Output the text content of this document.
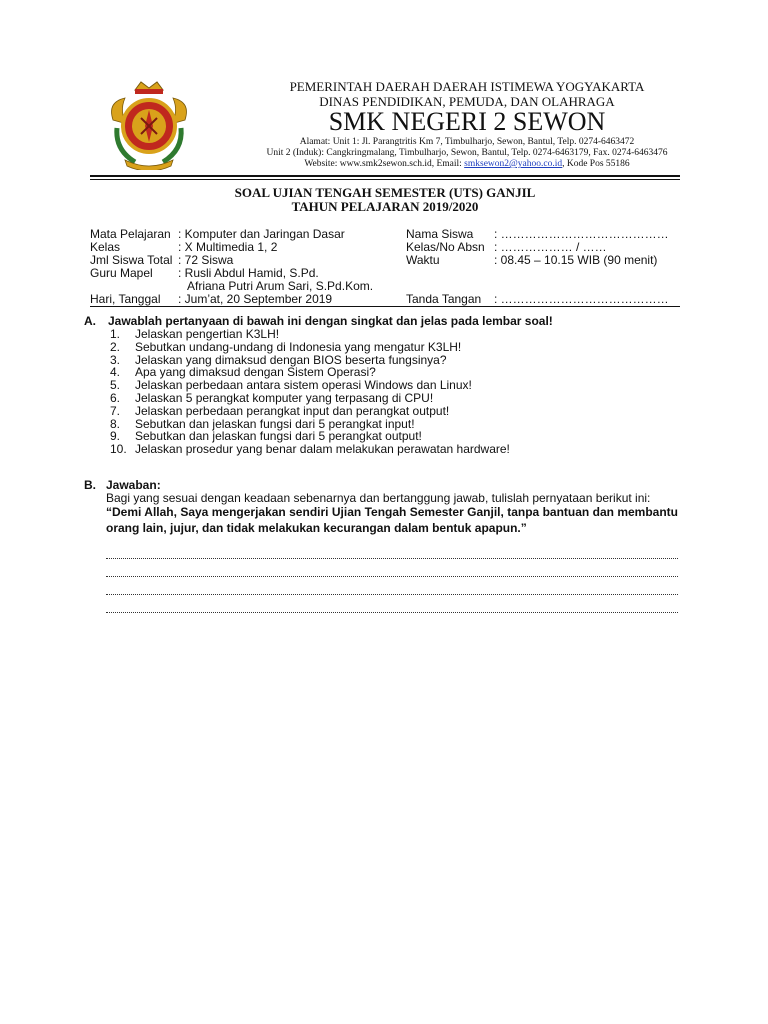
PEMERINTAH DAERAH DAERAH ISTIMEWA YOGYAKARTA
DINAS PENDIDIKAN, PEMUDA, DAN OLAHRAGA
SMK NEGERI 2 SEWON
Alamat: Unit 1: Jl. Parangtritis Km 7, Timbulharjo, Sewon, Bantul, Telp. 0274-6463472
Unit 2 (Induk): Cangkringmalang, Timbulharjo, Sewon, Bantul, Telp. 0274-6463179, Fax. 0274-6463476
Website: www.smk2sewon.sch.id, Email: smksewon2@yahoo.co.id, Kode Pos 55186
SOAL UJIAN TENGAH SEMESTER (UTS) GANJIL
TAHUN PELAJARAN 2019/2020
Mata Pelajaran : Komputer dan Jaringan Dasar
Kelas	: X Multimedia 1, 2
Jml Siswa Total : 72 Siswa
Guru Mapel : Rusli Abdul Hamid, S.Pd.
Afriana Putri Arum Sari, S.Pd.Kom.
Hari, Tanggal : Jum’at, 20 September 2019
Nama Siswa : ……………………………………
Kelas/No Absn : ……………… / ……
Waktu	: 08.45 – 10.15 WIB (90 menit)
Tanda Tangan : ……………………………………
A. Jawablah pertanyaan di bawah ini dengan singkat dan jelas pada lembar soal!
1. Jelaskan pengertian K3LH!
2. Sebutkan undang-undang di Indonesia yang mengatur K3LH!
3. Jelaskan yang dimaksud dengan BIOS beserta fungsinya?
4. Apa yang dimaksud dengan Sistem Operasi?
5. Jelaskan perbedaan antara sistem operasi Windows dan Linux!
6. Jelaskan 5 perangkat komputer yang terpasang di CPU!
7. Jelaskan perbedaan perangkat input dan perangkat output!
8. Sebutkan dan jelaskan fungsi dari 5 perangkat input!
9. Sebutkan dan jelaskan fungsi dari 5 perangkat output!
10. Jelaskan prosedur yang benar dalam melakukan perawatan hardware!
B. Jawaban:
Bagi yang sesuai dengan keadaan sebenarnya dan bertanggung jawab, tulislah pernyataan berikut ini:
“Demi Allah, Saya mengerjakan sendiri Ujian Tengah Semester Ganjil, tanpa bantuan dan membantu orang lain, jujur, dan tidak melakukan kecurangan dalam bentuk apapun.”
